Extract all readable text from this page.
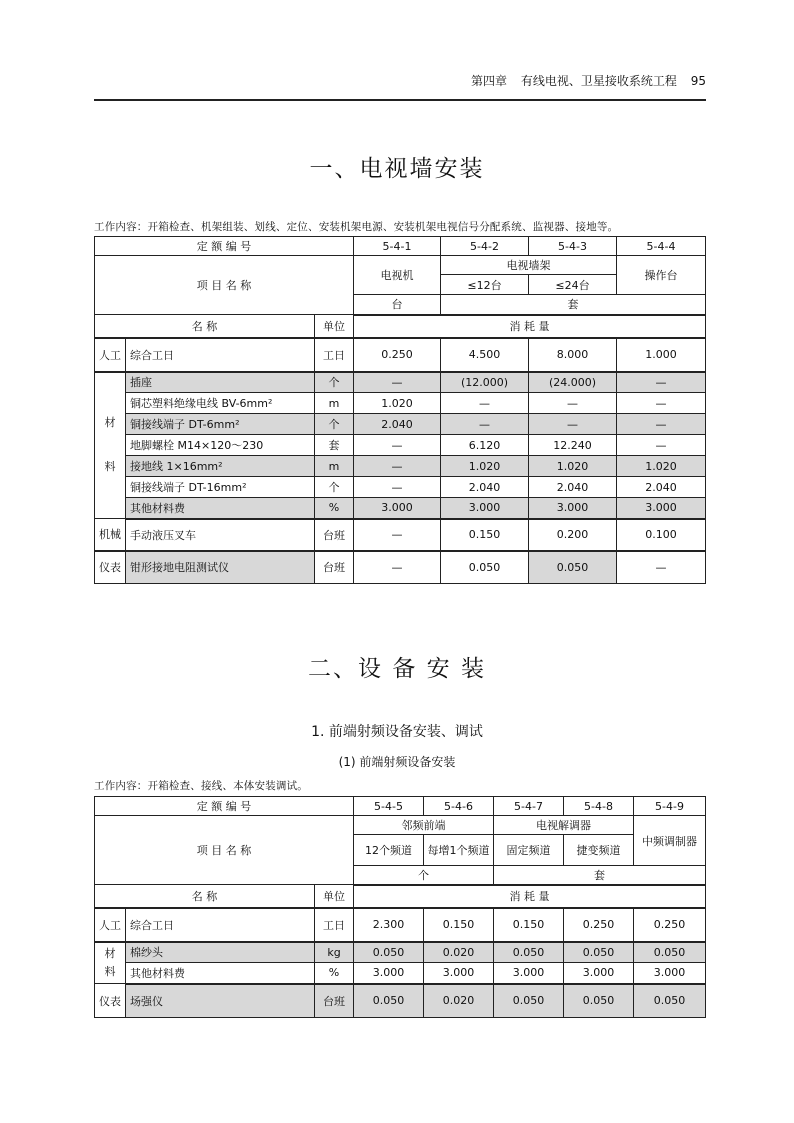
第四章 有线电视、卫星接收系统工程 95
一、电视墙安装
工作内容：开箱检查、机架组装、划线、定位、安装机架电源、安装机架电视信号分配系统、监视器、接地等。
定 额 编 号			5-4-1	5-4-2	5-4-3	5-4-4
项 目 名 称			电视机	电视墙架		操作台
				≤12台	≤24台	
			台	套		
名 称		单位	消 耗 量			
人工	综合工日	工日	0.250	4.500	8.000	1.000

材
料	插座	个	—	(12.000)	(24.000)	—
	铜芯塑料绝缘电线 BV-6mm²	m	1.020	—	—	—
	铜接线端子 DT-6mm²	个	2.040	—	—	—
	地脚螺栓 M14×120～230	套	—	6.120	12.240	—
	接地线 1×16mm²	m	—	1.020	1.020	1.020
	铜接线端子 DT-16mm²	个	—	2.040	2.040	2.040
	其他材料费	%	3.000	3.000	3.000	3.000
机械	手动液压叉车	台班	—	0.150	0.200	0.100
仪表	钳形接地电阻测试仪	台班	—	0.050	0.050	—
二、设 备 安 装
1. 前端射频设备安装、调试
(1) 前端射频设备安装
工作内容：开箱检查、接线、本体安装调试。
定 额 编 号			5-4-5	5-4-6	5-4-7	5-4-8	5-4-9
项 目 名 称			邻频前端		电视解调器		中频调制器
			12个频道	每增1个频道	固定频道	捷变频道	
			个		套		
名 称		单位	消 耗 量				
人工	综合工日	工日	2.300	0.150	0.150	0.250	0.250

材
料	棉纱头	kg	0.050	0.020	0.050	0.050	0.050
	其他材料费	%	3.000	3.000	3.000	3.000	3.000
仪表	场强仪	台班	0.050	0.020	0.050	0.050	0.050
